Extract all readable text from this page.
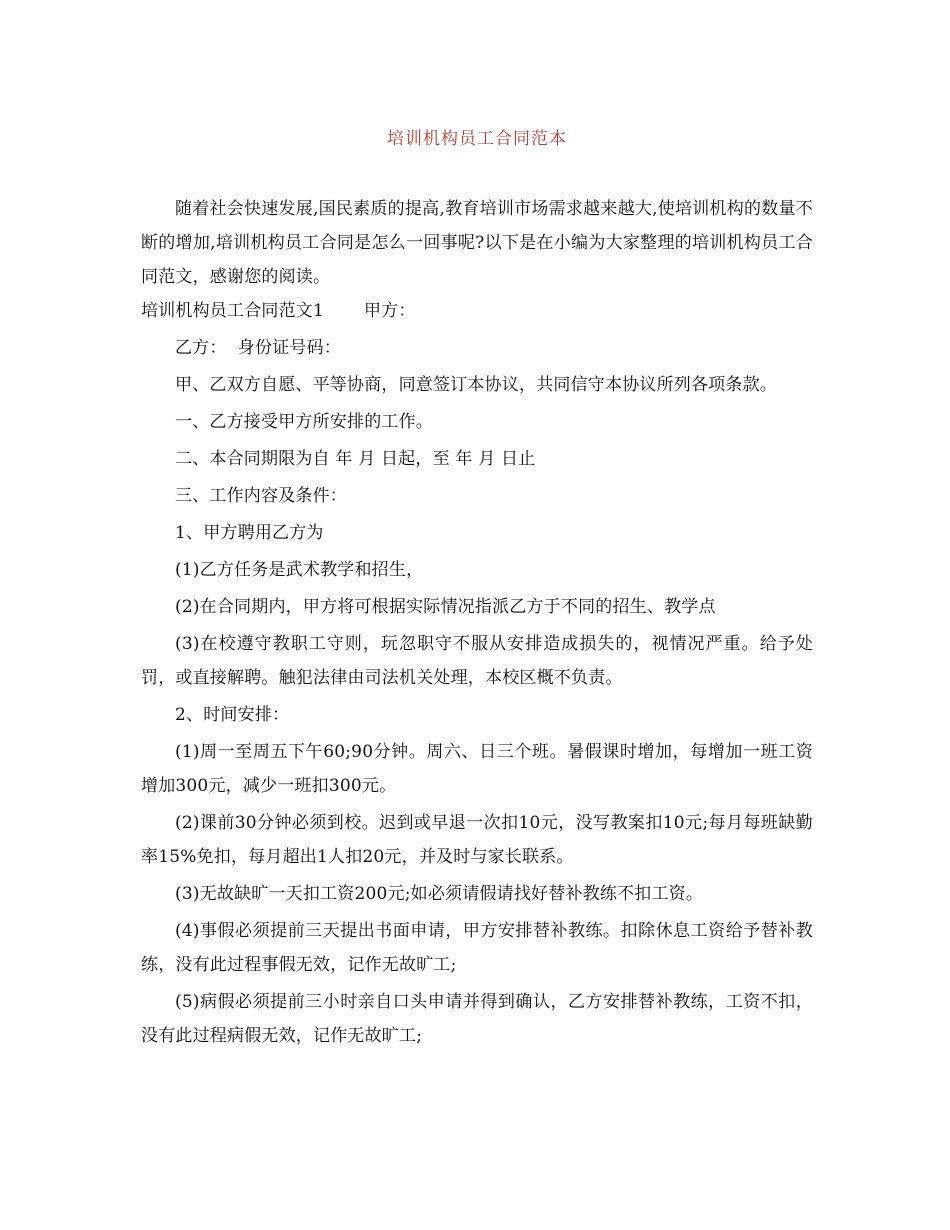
培训机构员工合同范本

随着社会快速发展,国民素质的提高,教育培训市场需求越来越大,使培训机构的数量不断的增加,培训机构员工合同是怎么一回事呢?以下是在小编为大家整理的培训机构员工合同范文，感谢您的阅读。

培训机构员工合同范文1 甲方：

乙方：  身份证号码：

甲、乙双方自愿、平等协商，同意签订本协议，共同信守本协议所列各项条款。

一、乙方接受甲方所安排的工作。

二、本合同期限为自 年 月 日起，至 年 月 日止

三、工作内容及条件：

1、甲方聘用乙方为

(1)乙方任务是武术教学和招生，

(2)在合同期内，甲方将可根据实际情况指派乙方于不同的招生、教学点

(3)在校遵守教职工守则，玩忽职守不服从安排造成损失的，视情况严重。给予处罚，或直接解聘。触犯法律由司法机关处理，本校区概不负责。

2、时间安排：

(1)周一至周五下午60;90分钟。周六、日三个班。暑假课时增加，每增加一班工资增加300元，减少一班扣300元。

(2)课前30分钟必须到校。迟到或早退一次扣10元，没写教案扣10元;每月每班缺勤率15%免扣，每月超出1人扣20元，并及时与家长联系。

(3)无故缺旷一天扣工资200元;如必须请假请找好替补教练不扣工资。

(4)事假必须提前三天提出书面申请，甲方安排替补教练。扣除休息工资给予替补教练，没有此过程事假无效，记作无故旷工;

(5)病假必须提前三小时亲自口头申请并得到确认，乙方安排替补教练，工资不扣，没有此过程病假无效，记作无故旷工;
